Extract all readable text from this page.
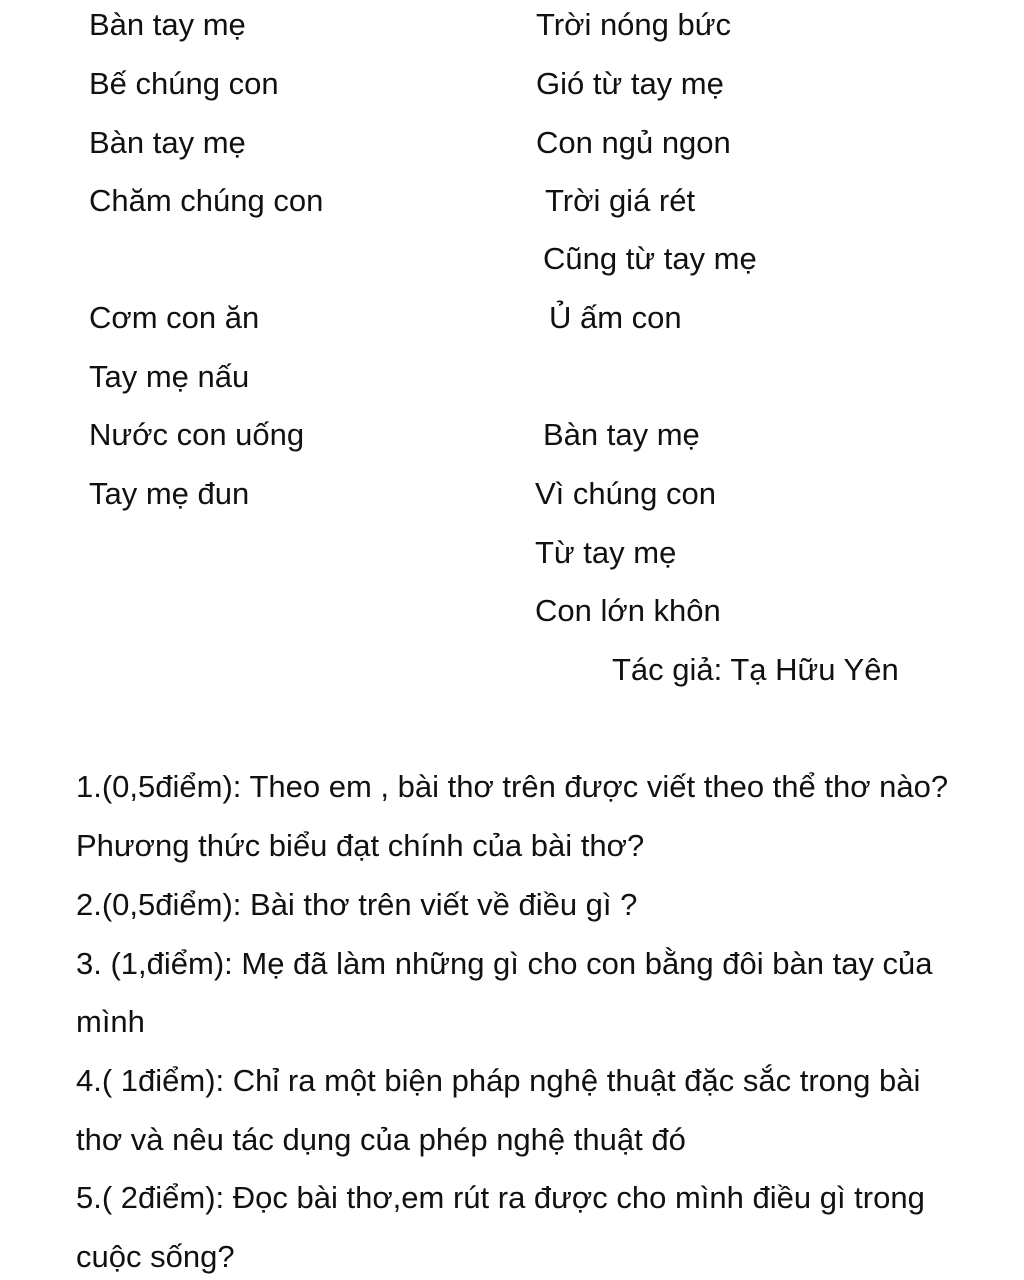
Bàn tay mẹ
Bế chúng con
Bàn tay mẹ
Chăm chúng con
Cơm con ăn
Tay mẹ nấu
Nước con uống
Tay mẹ đun
Trời nóng bức
Gió từ tay mẹ
Con ngủ ngon
Trời giá rét
Cũng từ tay mẹ
Ủ ấm con
Bàn tay mẹ
Vì chúng con
Từ tay mẹ
Con lớn khôn
Tác giả: Tạ Hữu Yên
1.(0,5điểm): Theo em , bài thơ trên được viết theo thể thơ nào?
Phương thức biểu đạt chính của bài thơ?
2.(0,5điểm): Bài thơ trên viết về điều gì ?
3. (1,điểm): Mẹ đã làm những gì cho con bằng đôi bàn tay của
mình
4.( 1điểm): Chỉ ra một biện pháp nghệ thuật đặc sắc trong bài
thơ và nêu tác dụng của phép nghệ thuật đó
5.( 2điểm): Đọc bài thơ,em rút ra được cho mình điều gì trong
cuộc sống?
